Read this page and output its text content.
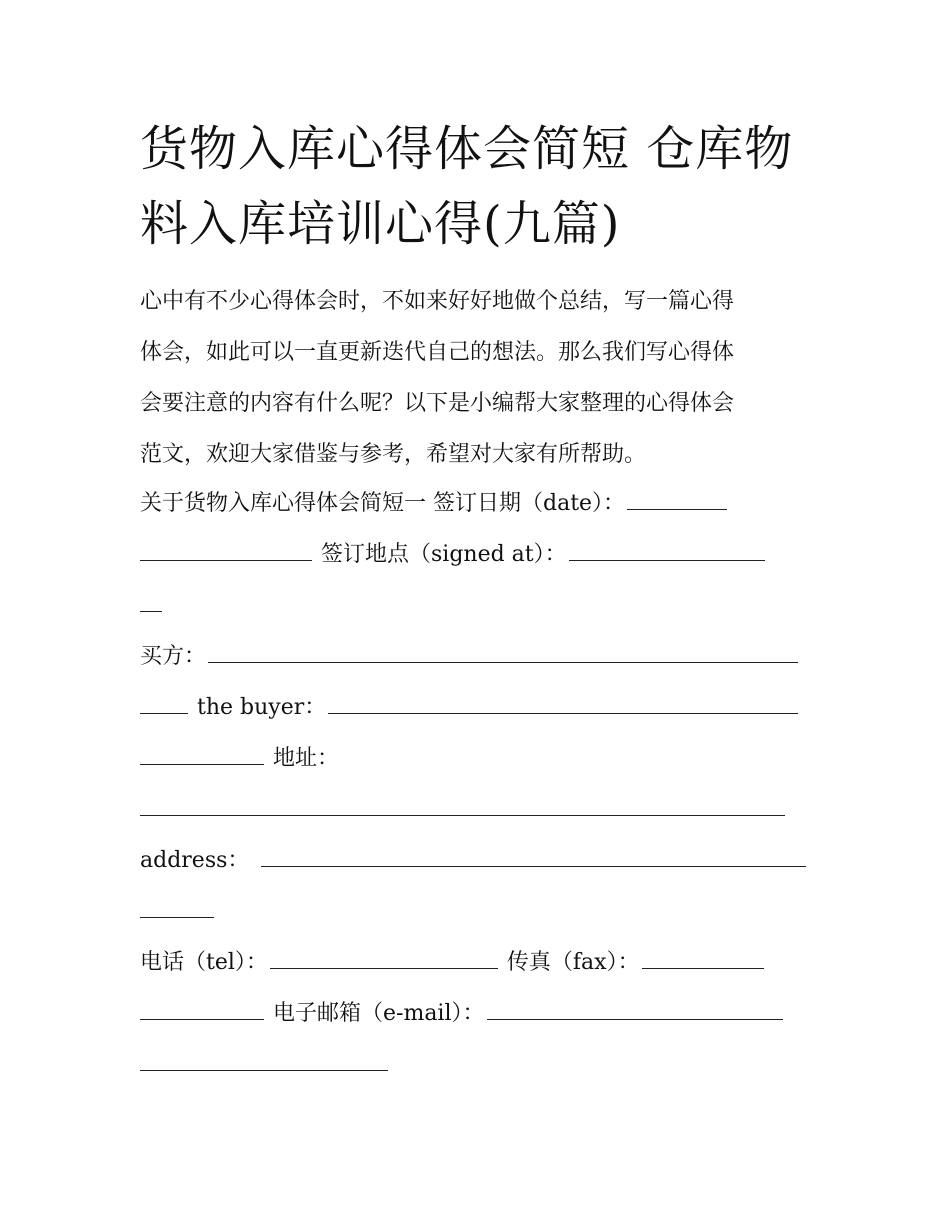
货物入库心得体会简短 仓库物
料入库培训心得(九篇)

心中有不少心得体会时，不如来好好地做个总结，写一篇心得
体会，如此可以一直更新迭代自己的想法。那么我们写心得体
会要注意的内容有什么呢？以下是小编帮大家整理的心得体会
范文，欢迎大家借鉴与参考，希望对大家有所帮助。

关于货物入库心得体会简短一 签订日期（date）：
签订地点（signed at）：
买方：
the buyer：
地址：
address：
电话（tel）：	传真（fax）：
电子邮箱（e-mail）：
